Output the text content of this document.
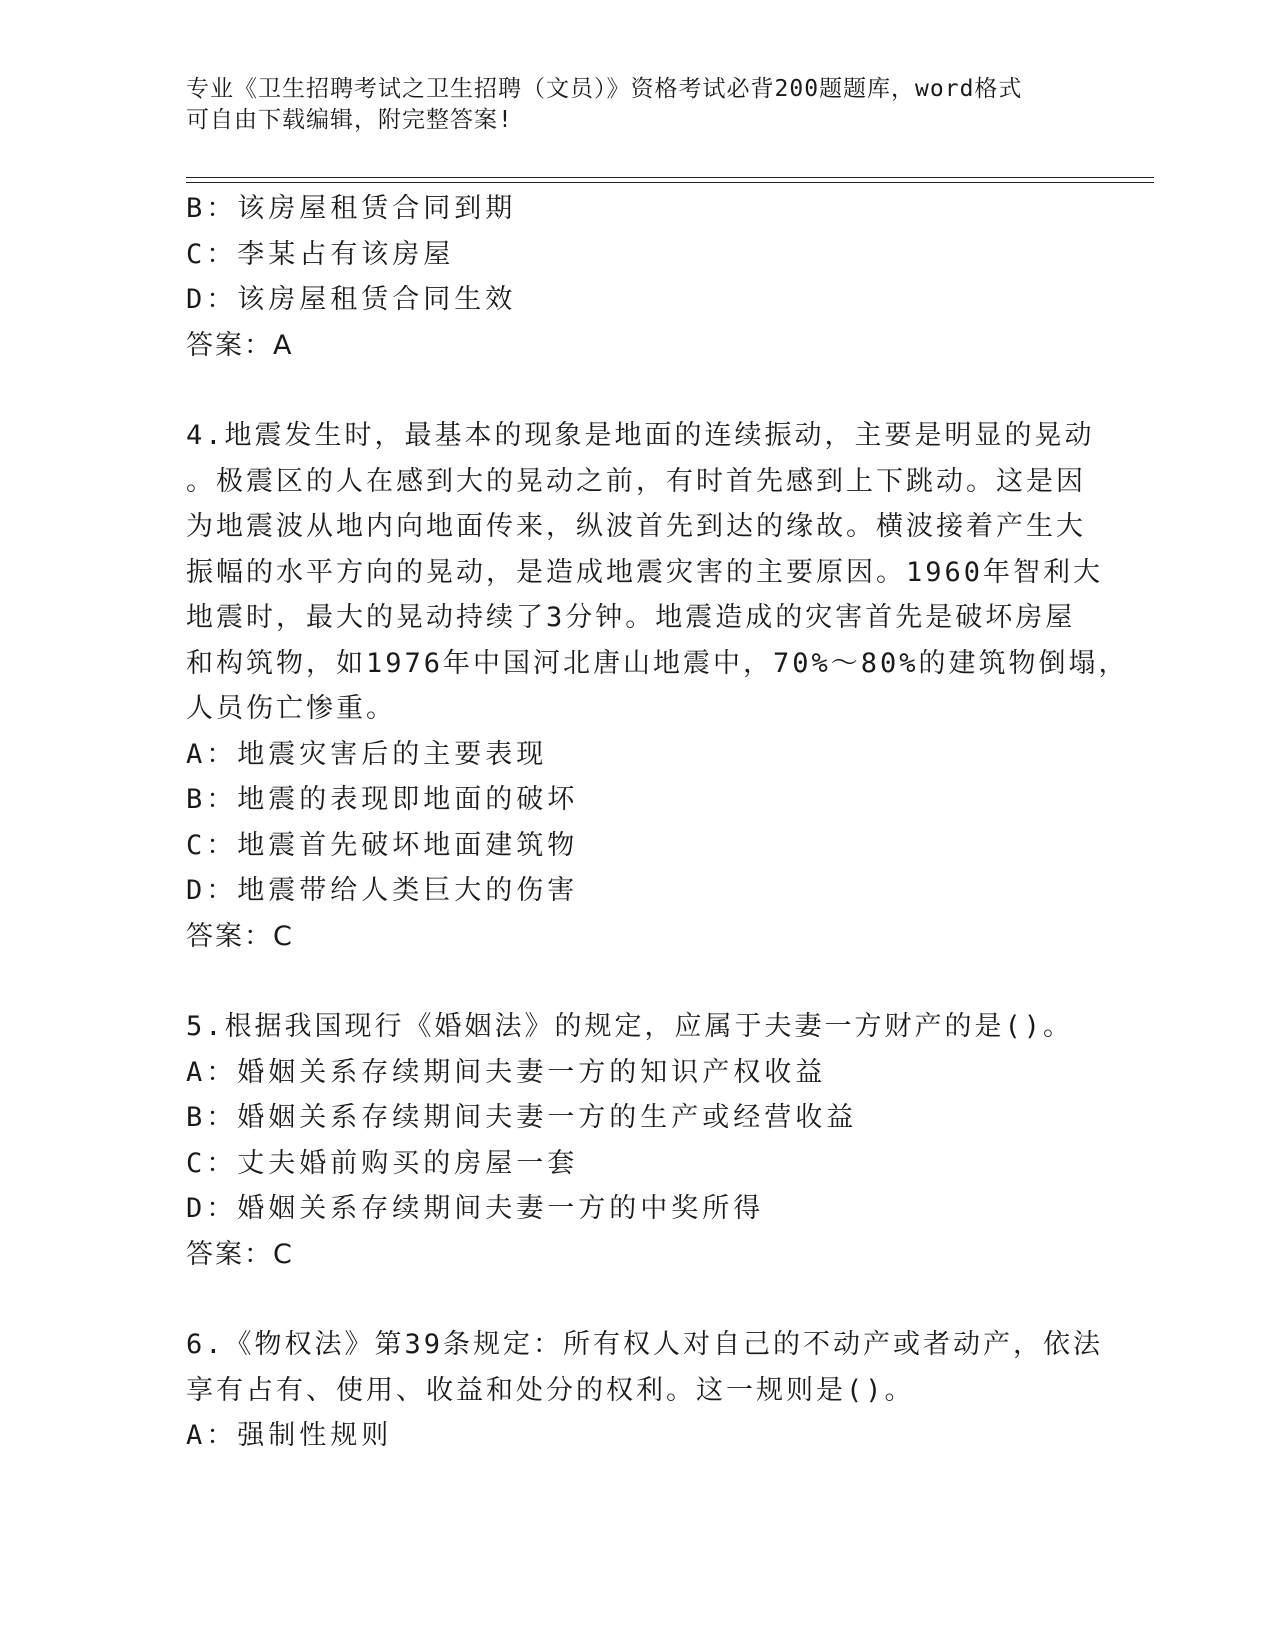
专业《卫生招聘考试之卫生招聘（文员）》资格考试必背200题题库，word格式
可自由下载编辑，附完整答案!
B：该房屋租赁合同到期
C：李某占有该房屋
D：该房屋租赁合同生效
答案：A
4.地震发生时，最基本的现象是地面的连续振动，主要是明显的晃动
。极震区的人在感到大的晃动之前，有时首先感到上下跳动。这是因
为地震波从地内向地面传来，纵波首先到达的缘故。横波接着产生大
振幅的水平方向的晃动，是造成地震灾害的主要原因。1960年智利大
地震时，最大的晃动持续了3分钟。地震造成的灾害首先是破坏房屋
和构筑物，如1976年中国河北唐山地震中，70%～80%的建筑物倒塌，
人员伤亡惨重。
A：地震灾害后的主要表现
B：地震的表现即地面的破坏
C：地震首先破坏地面建筑物
D：地震带给人类巨大的伤害
答案：C
5.根据我国现行《婚姻法》的规定，应属于夫妻一方财产的是()。
A：婚姻关系存续期间夫妻一方的知识产权收益
B：婚姻关系存续期间夫妻一方的生产或经营收益
C：丈夫婚前购买的房屋一套
D：婚姻关系存续期间夫妻一方的中奖所得
答案：C
6.《物权法》第39条规定：所有权人对自己的不动产或者动产，依法
享有占有、使用、收益和处分的权利。这一规则是()。
A：强制性规则
